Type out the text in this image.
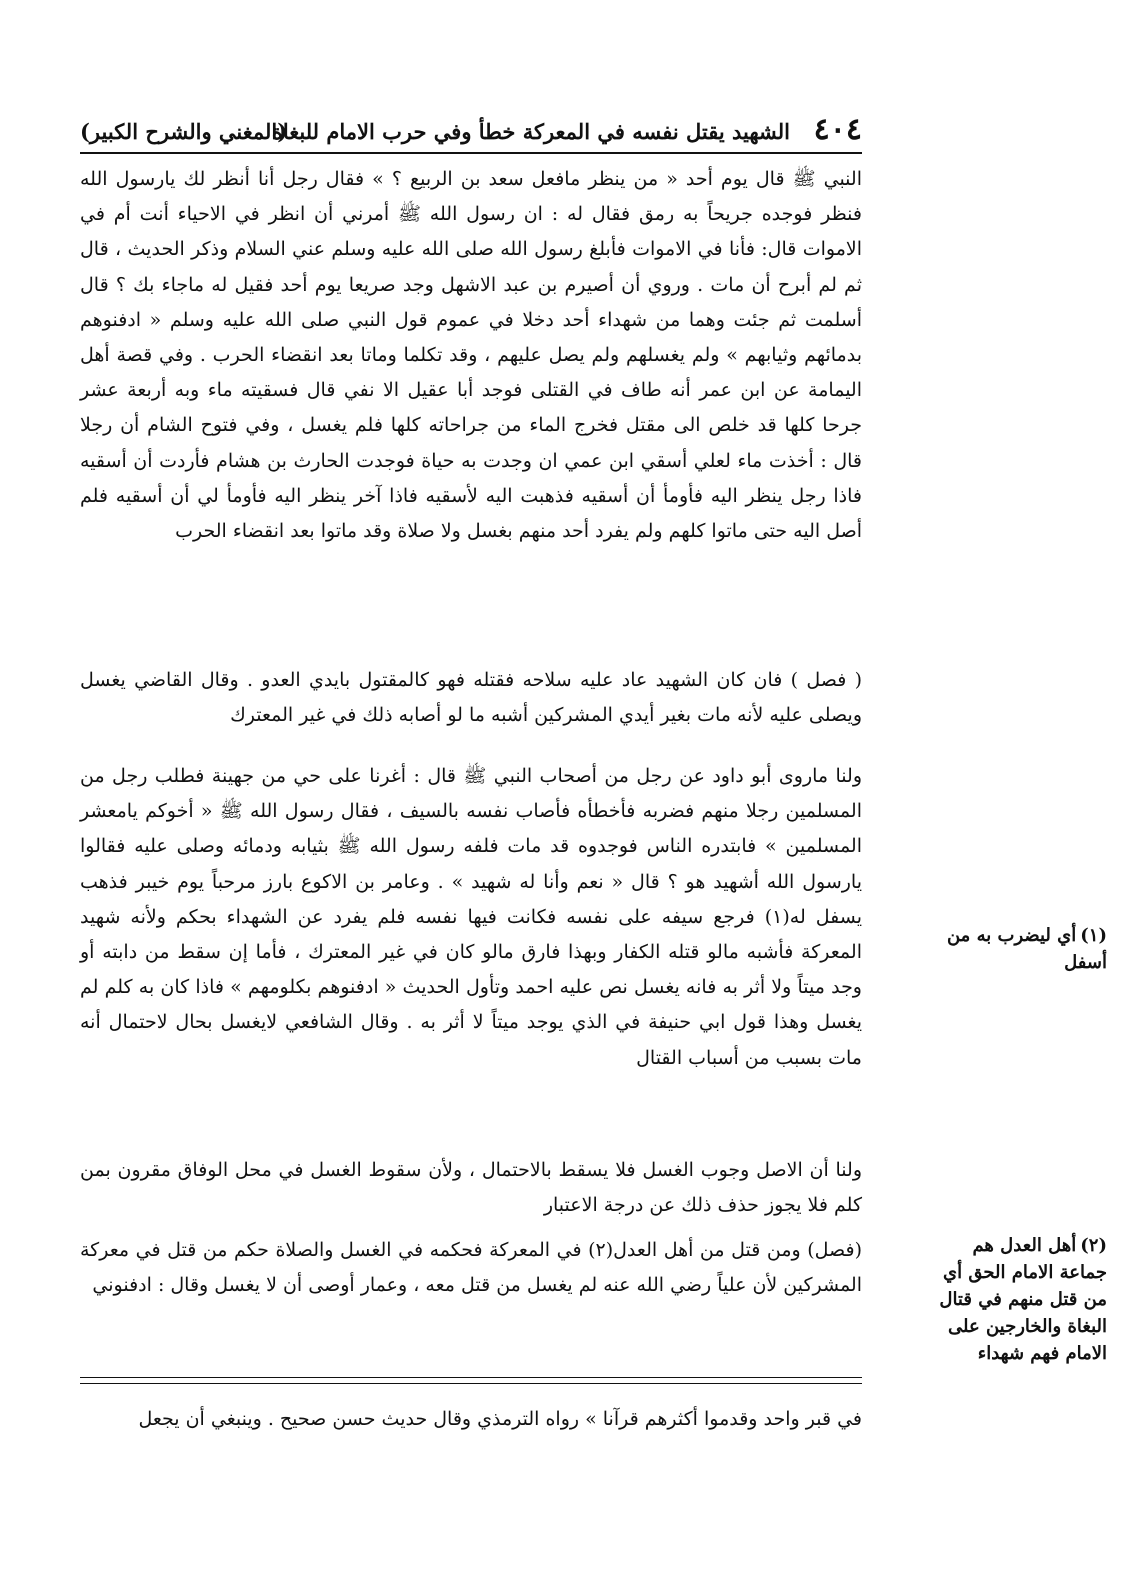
٤٠٤
الشهيد يقتل نفسه في المعركة خطأ وفي حرب الامام للبغاة
(المغني والشرح الكبير)

النبي ﷺ قال يوم أحد « من ينظر مافعل سعد بن الربيع ؟ » فقال رجل أنا أنظر لك يارسول الله فنظر فوجده جريحاً به رمق فقال له : ان رسول الله ﷺ أمرني أن انظر في الاحياء أنت أم في الاموات قال: فأنا في الاموات فأبلغ رسول الله صلى الله عليه وسلم عني السلام وذكر الحديث ، قال ثم لم أبرح أن مات . وروي أن أصيرم بن عبد الاشهل وجد صريعا يوم أحد فقيل له ماجاء بك ؟ قال أسلمت ثم جئت وهما من شهداء أحد دخلا في عموم قول النبي صلى الله عليه وسلم « ادفنوهم بدمائهم وثيابهم » ولم يغسلهم ولم يصل عليهم ، وقد تكلما وماتا بعد انقضاء الحرب . وفي قصة أهل اليمامة عن ابن عمر أنه طاف في القتلى فوجد أبا عقيل الا نفي قال فسقيته ماء وبه أربعة عشر جرحا كلها قد خلص الى مقتل فخرج الماء من جراحاته كلها فلم يغسل ، وفي فتوح الشام أن رجلا قال : أخذت ماء لعلي أسقي ابن عمي ان وجدت به حياة فوجدت الحارث بن هشام فأردت أن أسقيه فاذا رجل ينظر اليه فأومأ أن أسقيه فذهبت اليه لأسقيه فاذا آخر ينظر اليه فأومأ لي أن أسقيه فلم أصل اليه حتى ماتوا كلهم ولم يفرد أحد منهم بغسل ولا صلاة وقد ماتوا بعد انقضاء الحرب

( فصل ) فان كان الشهيد عاد عليه سلاحه فقتله فهو كالمقتول بايدي العدو . وقال القاضي يغسل ويصلى عليه لأنه مات بغير أيدي المشركين أشبه ما لو أصابه ذلك في غير المعترك

ولنا ماروى أبو داود عن رجل من أصحاب النبي ﷺ قال : أغرنا على حي من جهينة فطلب رجل من المسلمين رجلا منهم فضربه فأخطأه فأصاب نفسه بالسيف ، فقال رسول الله ﷺ « أخوكم يامعشر المسلمين » فابتدره الناس فوجدوه قد مات فلفه رسول الله ﷺ بثيابه ودمائه وصلى عليه فقالوا يارسول الله أشهيد هو ؟ قال « نعم وأنا له شهيد » . وعامر بن الاكوع بارز مرحباً يوم خيبر فذهب يسفل له(١) فرجع سيفه على نفسه فكانت فيها نفسه فلم يفرد عن الشهداء بحكم ولأنه شهيد المعركة فأشبه مالو قتله الكفار وبهذا فارق مالو كان في غير المعترك ، فأما إن سقط من دابته أو وجد ميتاً ولا أثر به فانه يغسل نص عليه احمد وتأول الحديث « ادفنوهم بكلومهم » فاذا كان به كلم لم يغسل وهذا قول ابي حنيفة في الذي يوجد ميتاً لا أثر به . وقال الشافعي لايغسل بحال لاحتمال أنه مات بسبب من أسباب القتال

ولنا أن الاصل وجوب الغسل فلا يسقط بالاحتمال ، ولأن سقوط الغسل في محل الوفاق مقرون بمن كلم فلا يجوز حذف ذلك عن درجة الاعتبار

(فصل) ومن قتل من أهل العدل(٢) في المعركة فحكمه في الغسل والصلاة حكم من قتل في معركة المشركين لأن علياً رضي الله عنه لم يغسل من قتل معه ، وعمار أوصى أن لا يغسل وقال : ادفنوني

في قبر واحد وقدموا أكثرهم قرآنا » رواه الترمذي وقال حديث حسن صحيح . وينبغي أن يجعل
(١)أي ليضرب به من أسفل
(٢)أهل العدل هم جماعة الامام الحق أي من قتل منهم في قتال البغاة والخارجين على الامام فهم شهداء
